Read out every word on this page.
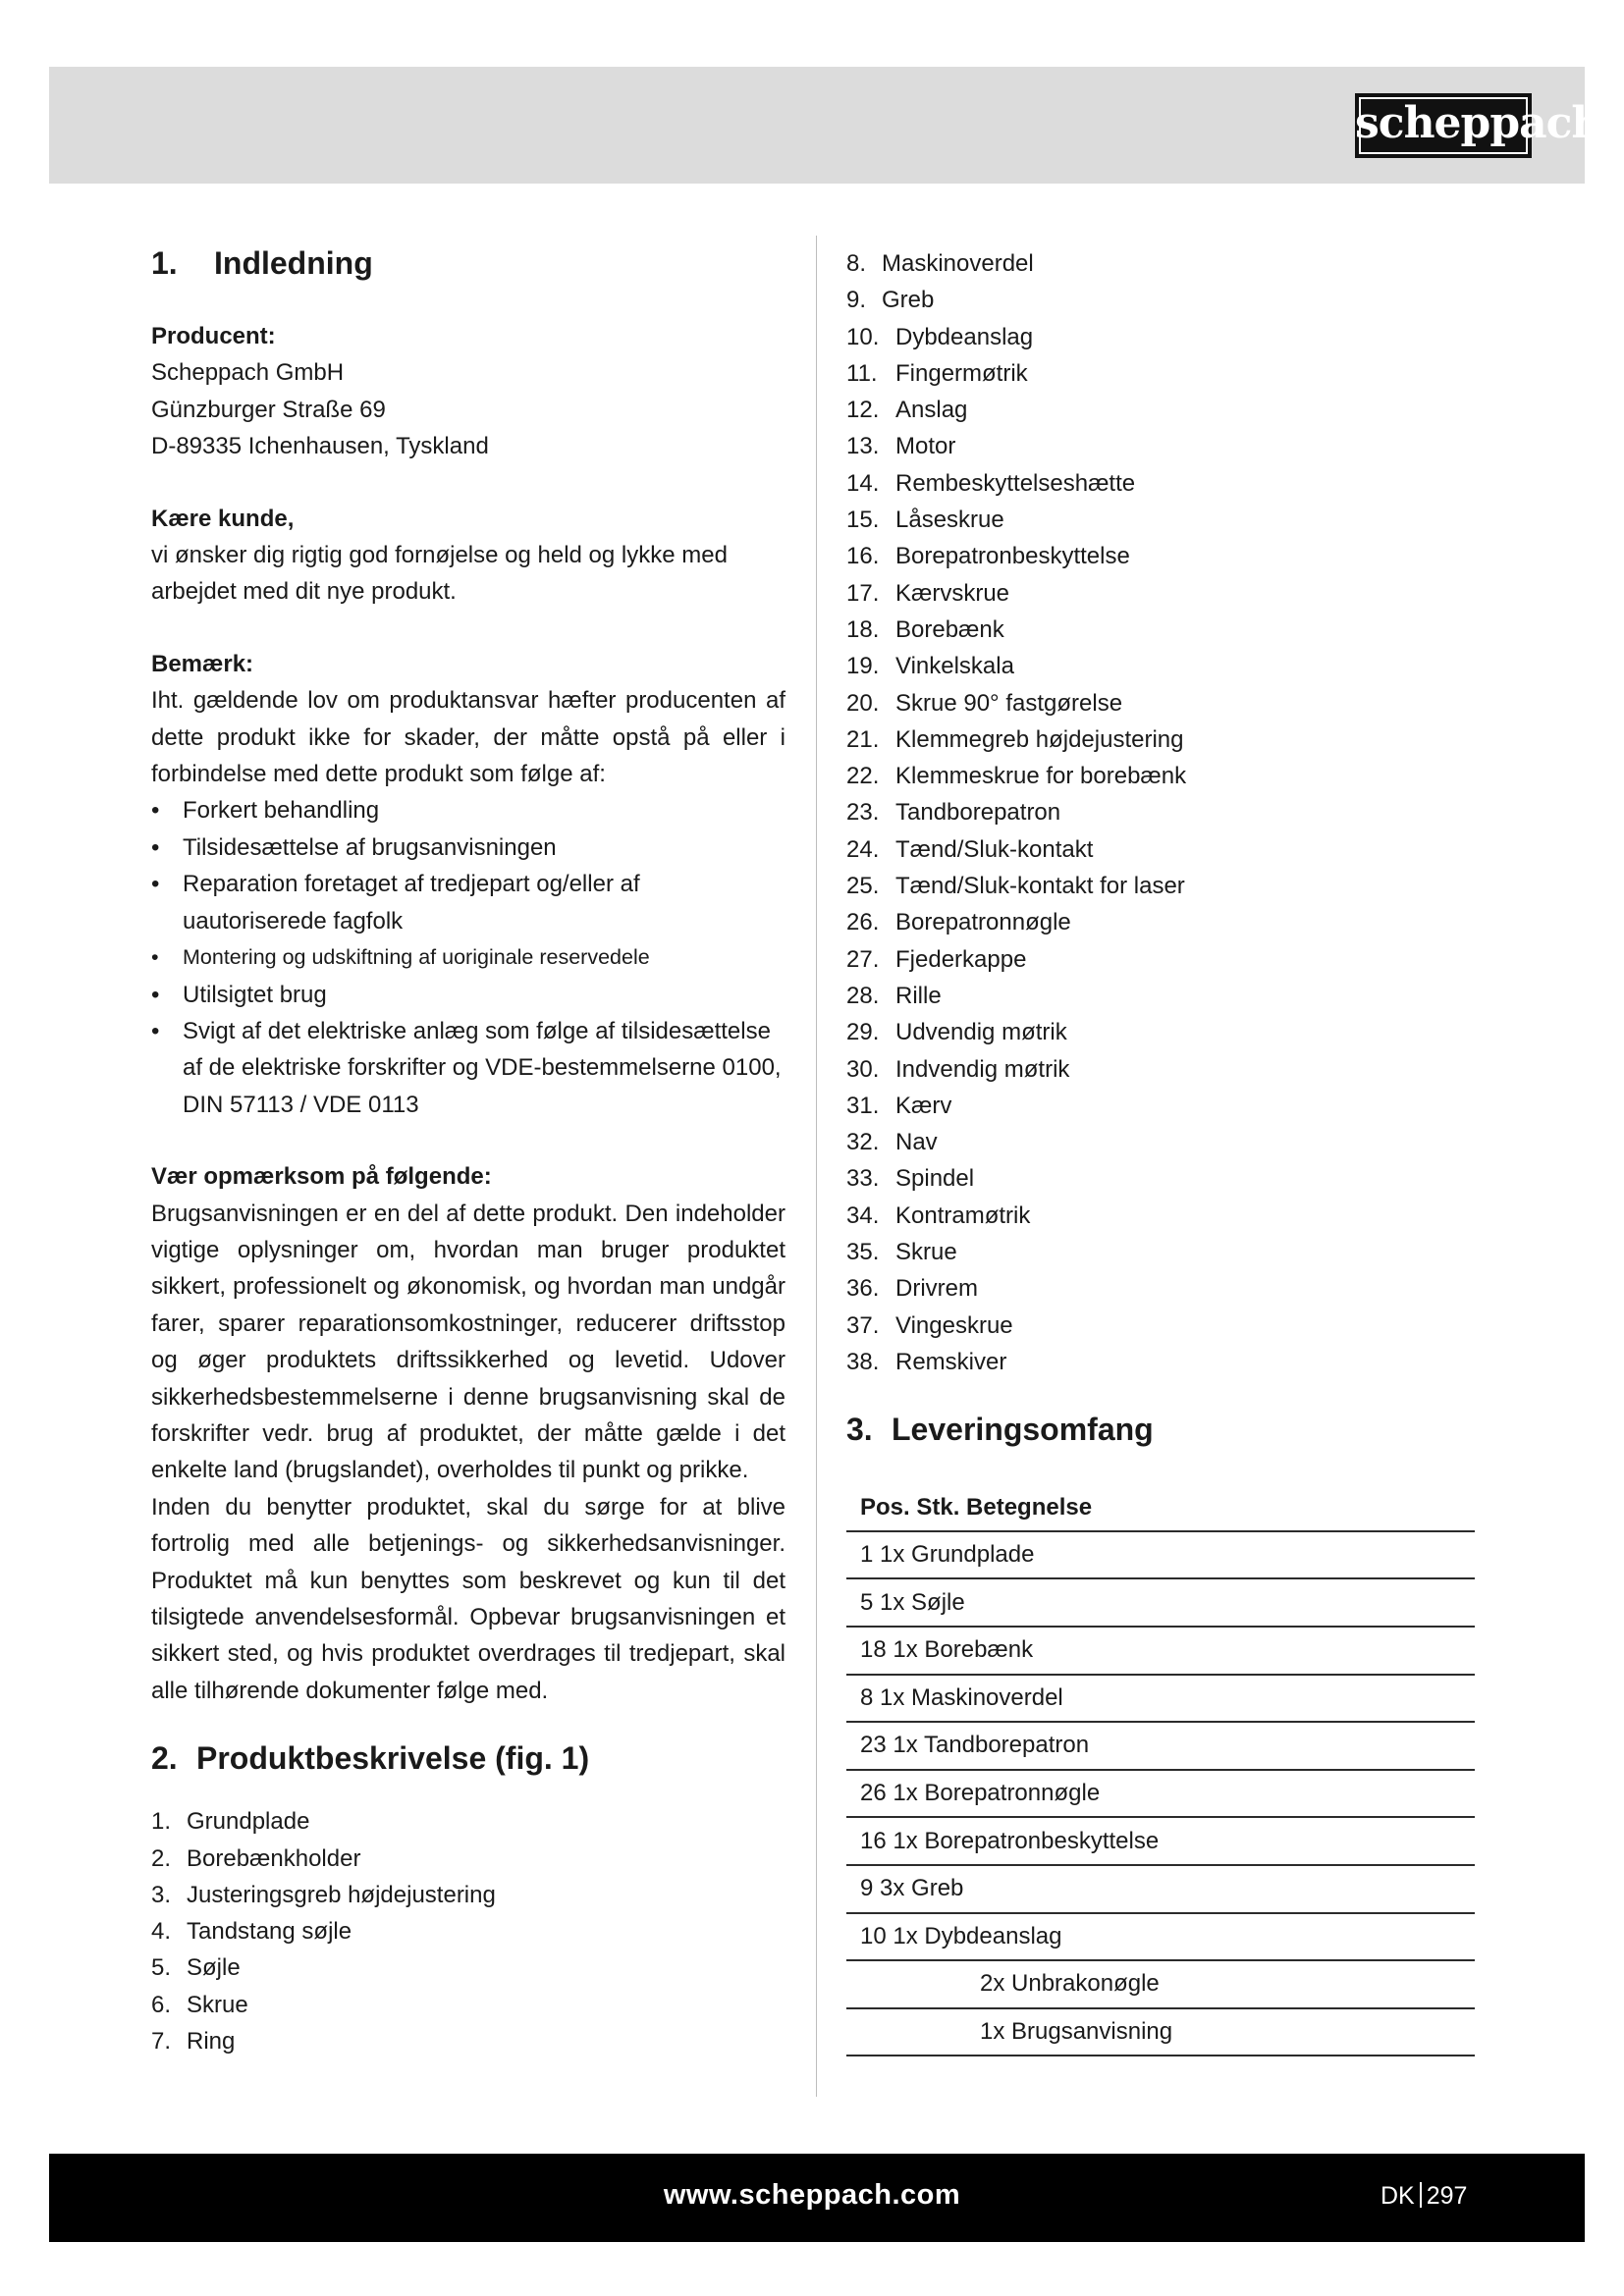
scheppach
1. Indledning

Producent:

Scheppach GmbH

Günzburger Straße 69

D-89335 Ichenhausen, Tyskland

Kære kunde,

vi ønsker dig rigtig god fornøjelse og held og lykke med arbejdet med dit nye produkt.

Bemærk:

Iht. gældende lov om produktansvar hæfter producenten af dette produkt ikke for skader, der måtte opstå på eller i forbindelse med dette produkt som følge af:

• Forkert behandling
• Tilsidesættelse af brugsanvisningen
• Reparation foretaget af tredjepart og/eller af uautoriserede fagfolk
• Montering og udskiftning af uoriginale reservedele
• Utilsigtet brug
• Svigt af det elektriske anlæg som følge af tilsidesættelse af de elektriske forskrifter og VDE-bestemmelserne 0100, DIN 57113 / VDE 0113

Vær opmærksom på følgende:

Brugsanvisningen er en del af dette produkt. Den indeholder vigtige oplysninger om, hvordan man bruger produktet sikkert, professionelt og økonomisk, og hvordan man undgår farer, sparer reparationsomkostninger, reducerer driftsstop og øger produktets driftssikkerhed og levetid. Udover sikkerhedsbestemmelserne i denne brugsanvisning skal de forskrifter vedr. brug af produktet, der måtte gælde i det enkelte land (brugslandet), overholdes til punkt og prikke.

Inden du benytter produktet, skal du sørge for at blive fortrolig med alle betjenings- og sikkerhedsanvisninger. Produktet må kun benyttes som beskrevet og kun til det tilsigtede anvendelsesformål. Opbevar brugsanvisningen et sikkert sted, og hvis produktet overdrages til tredjepart, skal alle tilhørende dokumenter følge med.

2. Produktbeskrivelse (fig. 1)
1. Grundplade
2. Borebænkholder
3. Justeringsgreb højdejustering
4. Tandstang søjle
5. Søjle
6. Skrue
7. Ring
8. Maskinoverdel
9. Greb
10. Dybdeanslag
11. Fingermøtrik
12. Anslag
13. Motor
14. Rembeskyttelseshætte
15. Låseskrue
16. Borepatronbeskyttelse
17. Kærvskrue
18. Borebænk
19. Vinkelskala
20. Skrue 90° fastgørelse
21. Klemmegreb højdejustering
22. Klemmeskrue for borebænk
23. Tandborepatron
24. Tænd/Sluk-kontakt
25. Tænd/Sluk-kontakt for laser
26. Borepatronnøgle
27. Fjederkappe
28. Rille
29. Udvendig møtrik
30. Indvendig møtrik
31. Kærv
32. Nav
33. Spindel
34. Kontramøtrik
35. Skrue
36. Drivrem
37. Vingeskrue
38. Remskiver
3. Leveringsomfang
Pos. Stk. Betegnelse
1 1x Grundplade
5 1x Søjle
18 1x Borebænk
8 1x Maskinoverdel
23 1x Tandborepatron
26 1x Borepatronnøgle
16 1x Borepatronbeskyttelse
9 3x Greb
10 1x Dybdeanslag
2x Unbrakonøgle
1x Brugsanvisning
www.scheppach.com	DK 297
